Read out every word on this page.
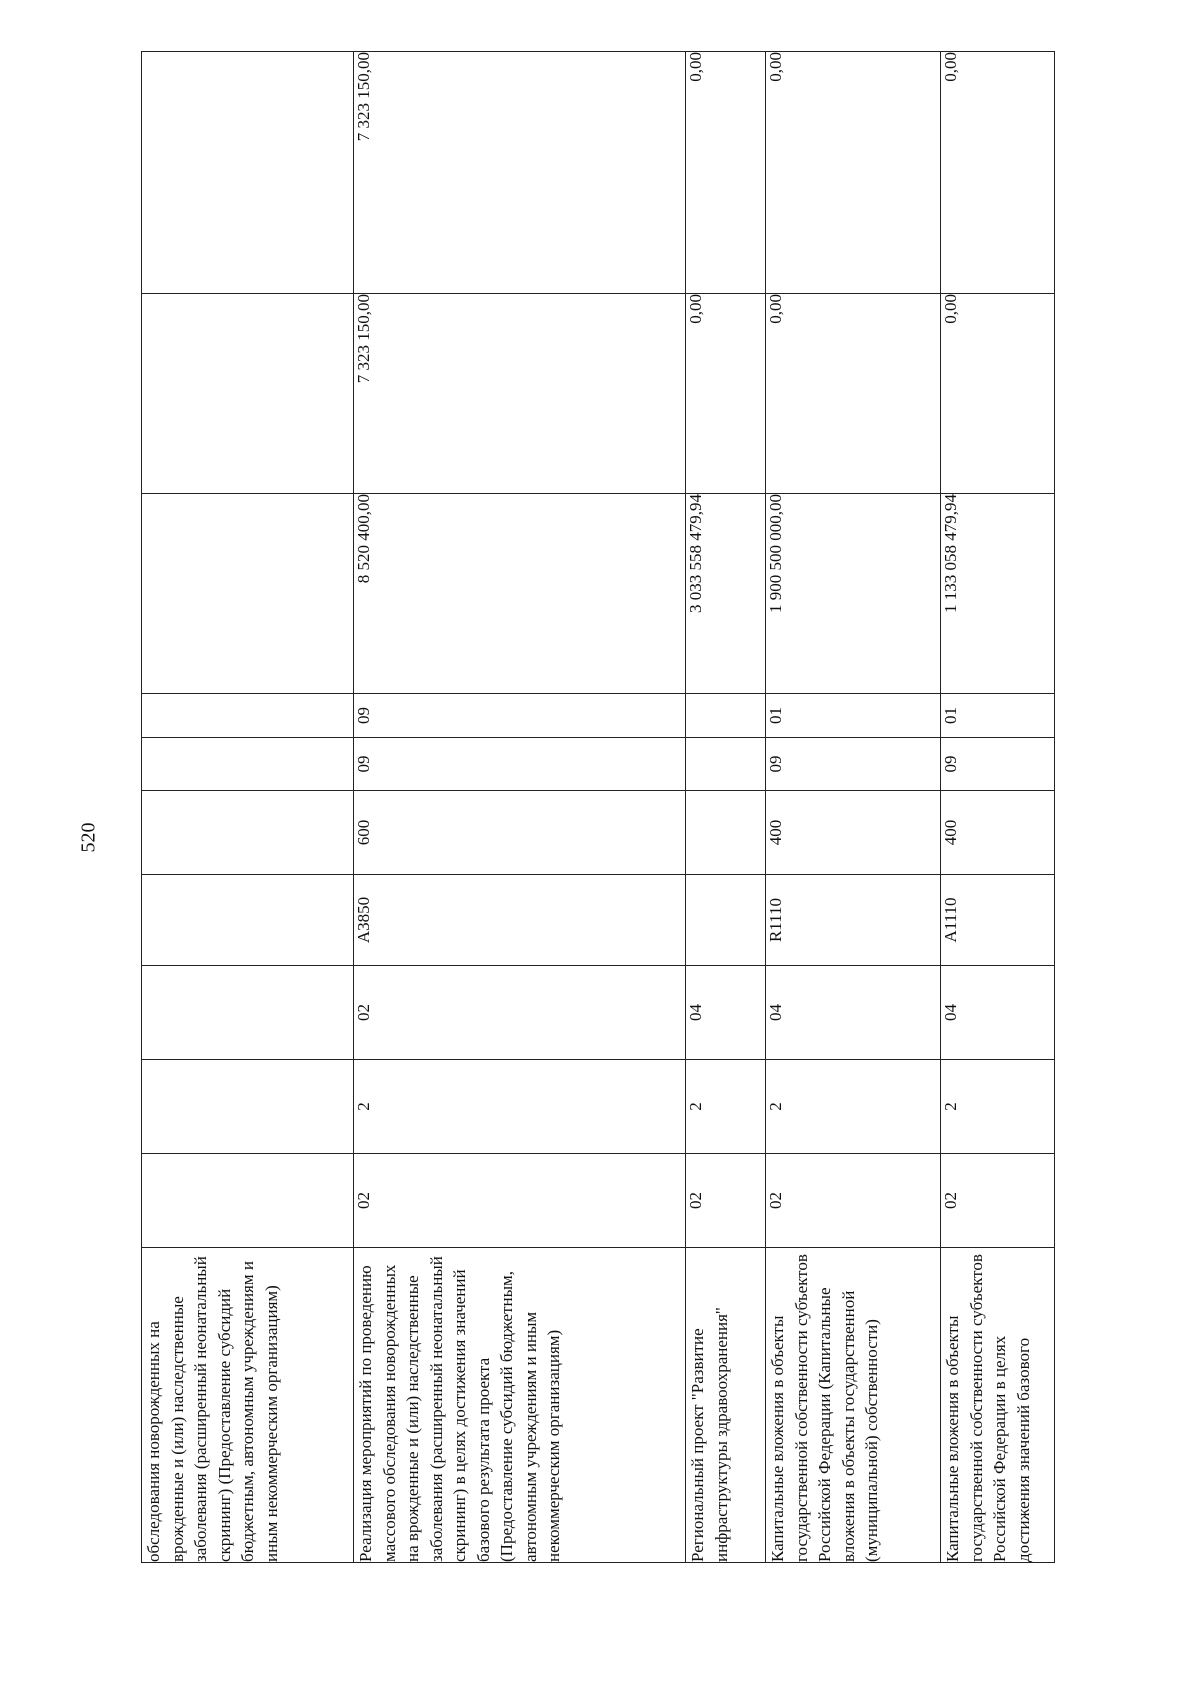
520
обследования новорожденных на врожденные и (или) наследственные заболевания (расширенный неонатальный скрининг) (Предоставление субсидий бюджетным, автономным учреждениям и иным некоммерческим организациям)										
Реализация мероприятий по проведению массового обследования новорожденных на врожденные и (или) наследственные заболевания (расширенный неонатальный скрининг) в целях достижения значений базового результата проекта (Предоставление субсидий бюджетным, автономным учреждениям и иным некоммерческим организациям)	02	2	02	A3850	600	09	09	8 520 400,00	7 323 150,00	7 323 150,00
Региональный проект "Развитие инфраструктуры здравоохранения"	02	2	04					3 033 558 479,94	0,00	0,00
Капитальные вложения в объекты государственной собственности субъектов Российской Федерации (Капитальные вложения в объекты государственной (муниципальной) собственности)	02	2	04	R1110	400	09	01	1 900 500 000,00	0,00	0,00
Капитальные вложения в объекты государственной собственности субъектов Российской Федерации в целях достижения значений базового	02	2	04	A1110	400	09	01	1 133 058 479,94	0,00	0,00
